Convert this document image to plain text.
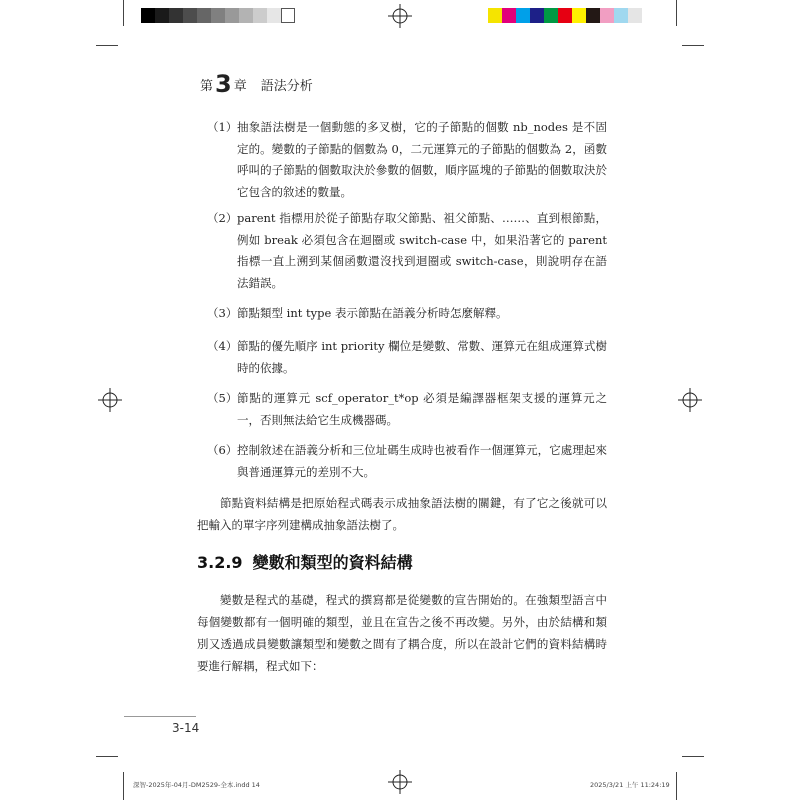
第3 章 語法分析
（1） 抽象語法樹是一個動態的多叉樹，它的子節點的個數 nb_nodes 是不固定的。變數的子節點的個數為 0，二元運算元的子節點的個數為 2，函數呼叫的子節點的個數取決於參數的個數，順序區塊的子節點的個數取決於它包含的敘述的數量。
（2） parent 指標用於從子節點存取父節點、祖父節點、……、直到根節點，例如 break 必須包含在迴圈或 switch-case 中，如果沿著它的 parent 指標一直上溯到某個函數還沒找到迴圈或 switch-case，則說明存在語法錯誤。
（3） 節點類型 int type 表示節點在語義分析時怎麼解釋。
（4） 節點的優先順序 int priority 欄位是變數、常數、運算元在組成運算式樹時的依據。
（5） 節點的運算元 scf_operator_t*op 必須是編譯器框架支援的運算元之一，否則無法給它生成機器碼。
（6） 控制敘述在語義分析和三位址碼生成時也被看作一個運算元，它處理起來與普通運算元的差別不大。
節點資料結構是把原始程式碼表示成抽象語法樹的關鍵，有了它之後就可以把輸入的單字序列建構成抽象語法樹了。
3.2.9 變數和類型的資料結構
變數是程式的基礎，程式的撰寫都是從變數的宣告開始的。在強類型語言中每個變數都有一個明確的類型，並且在宣告之後不再改變。另外，由於結構和類別又透過成員變數讓類型和變數之間有了耦合度，所以在設計它們的資料結構時要進行解耦，程式如下：
3-14
深智-2025年-04月-DM2529-全本.indd 14	2025/3/21 上午 11:24:19
